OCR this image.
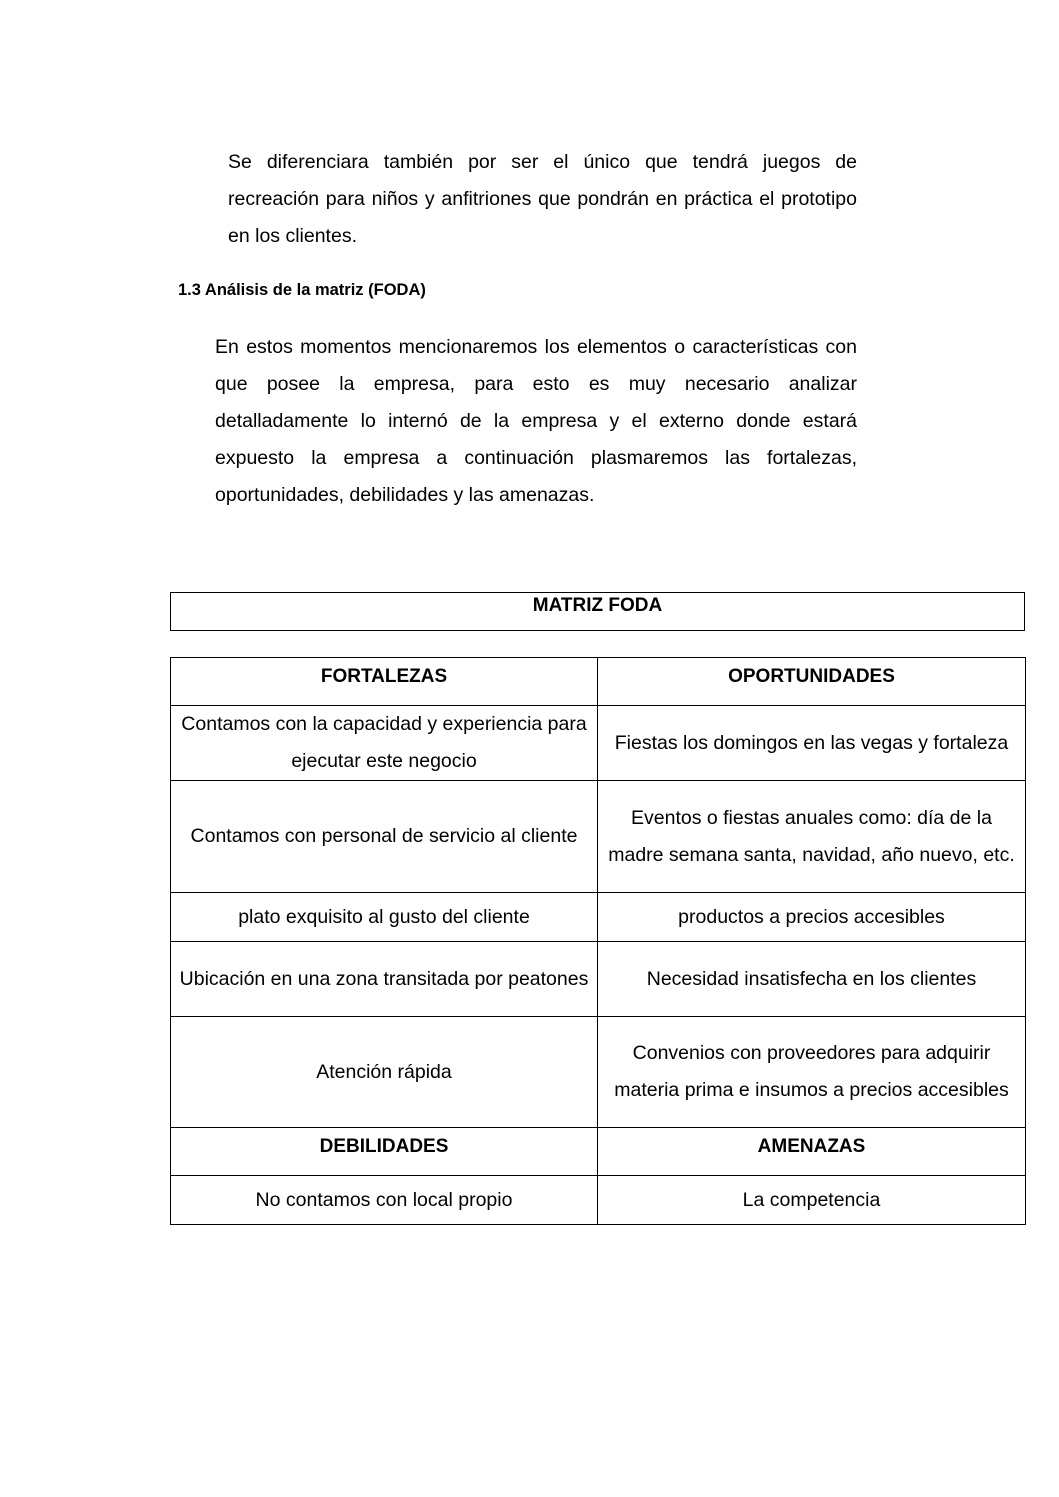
Se diferenciara también por ser el único que tendrá juegos de recreación para niños y anfitriones que pondrán en práctica el prototipo en los clientes.

1.3 Análisis de la matriz (FODA)

En estos momentos mencionaremos los elementos o características con que posee la empresa, para esto es muy necesario analizar detalladamente lo internó de la empresa y el externo donde estará expuesto la empresa a continuación plasmaremos las fortalezas, oportunidades, debilidades y las amenazas.

MATRIZ FODA
FORTALEZAS	OPORTUNIDADES
Contamos con la capacidad y experiencia para ejecutar este negocio	Fiestas los domingos en las vegas y fortaleza
Contamos con personal de servicio al cliente	Eventos o fiestas anuales como: día de la madre semana santa, navidad, año nuevo, etc.
plato exquisito al gusto del cliente	productos a precios accesibles
Ubicación en una zona transitada por peatones	Necesidad insatisfecha en los clientes
Atención rápida	Convenios con proveedores para adquirir materia prima e insumos a precios accesibles
DEBILIDADES	AMENAZAS
No contamos con local propio	La competencia
